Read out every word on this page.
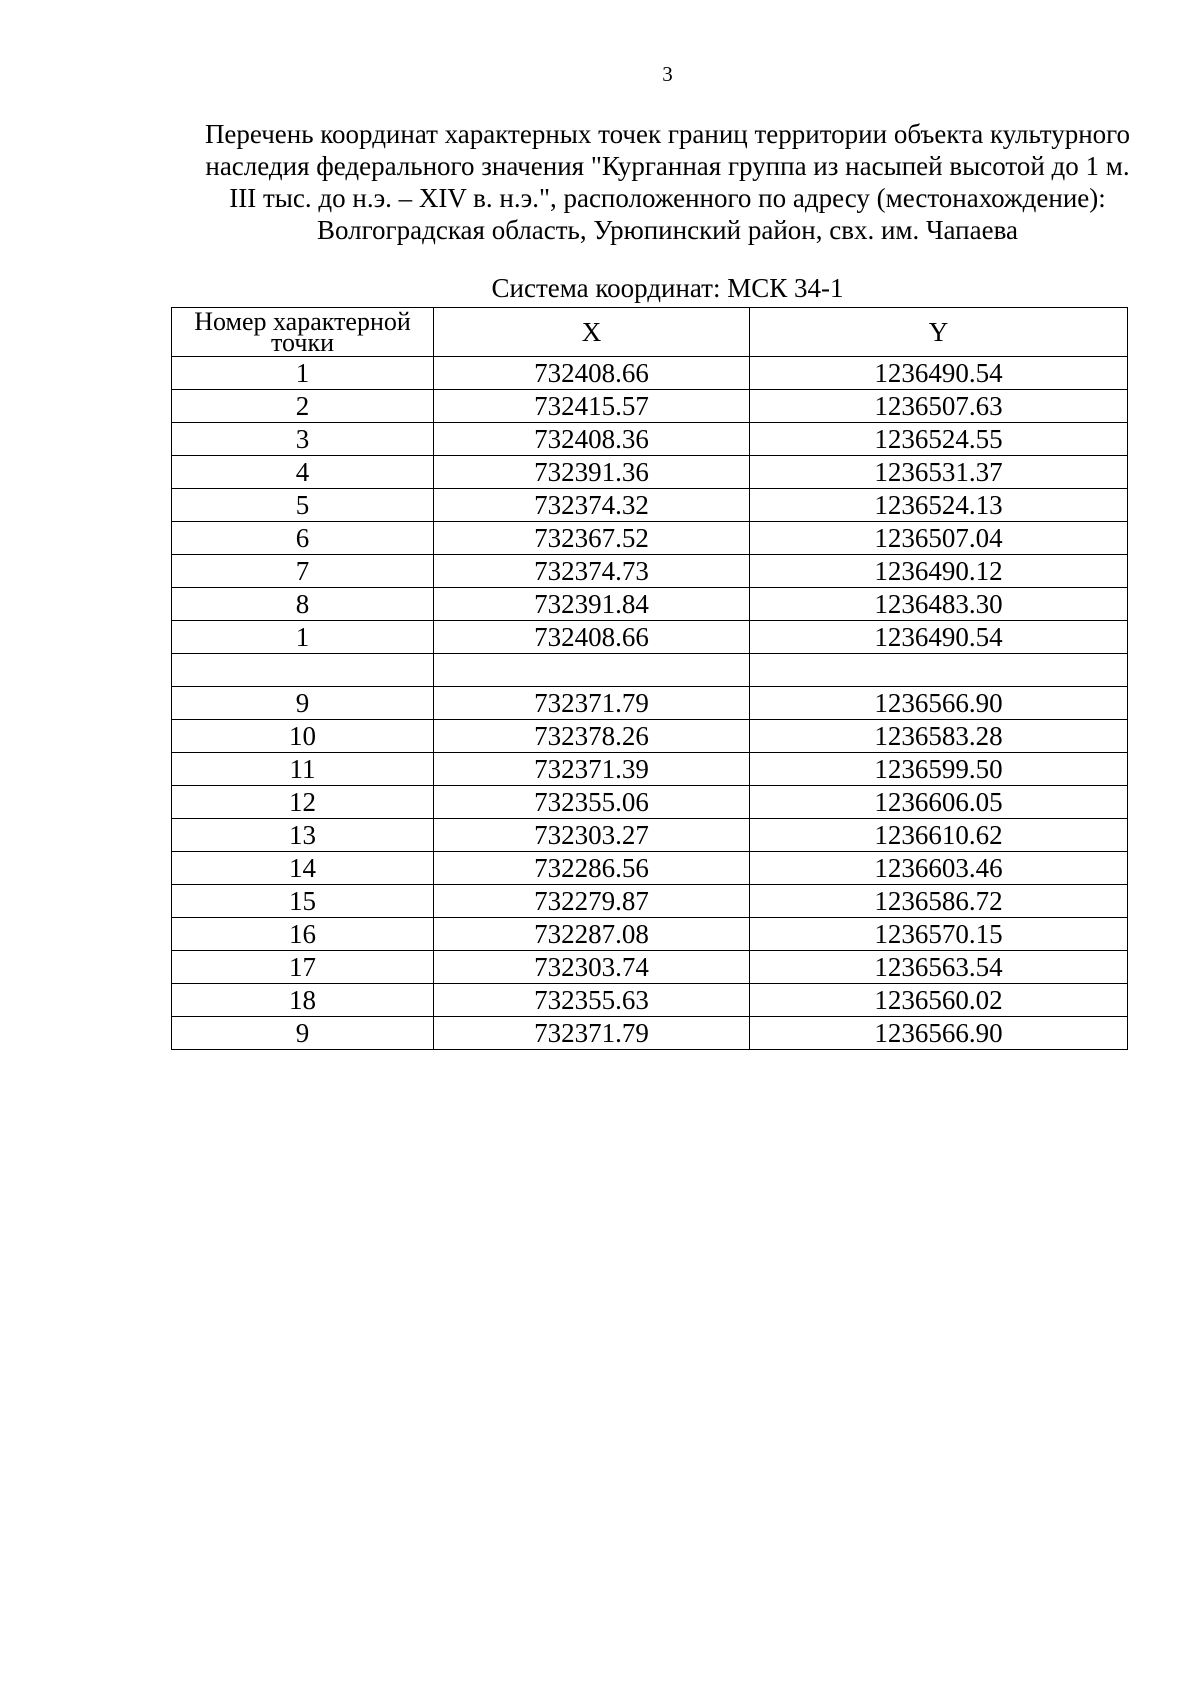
3
Перечень координат характерных точек границ территории объекта культурного
наследия федерального значения "Курганная группа из насыпей высотой до 1 м.
III тыс. до н.э. – XIV в. н.э.", расположенного по адресу (местонахождение):
Волгоградская область, Урюпинский район, свх. им. Чапаева
Система координат: МСК 34-1
Номер характерной точки	X	Y
1	732408.66	1236490.54
2	732415.57	1236507.63
3	732408.36	1236524.55
4	732391.36	1236531.37
5	732374.32	1236524.13
6	732367.52	1236507.04
7	732374.73	1236490.12
8	732391.84	1236483.30
1	732408.66	1236490.54

9	732371.79	1236566.90
10	732378.26	1236583.28
11	732371.39	1236599.50
12	732355.06	1236606.05
13	732303.27	1236610.62
14	732286.56	1236603.46
15	732279.87	1236586.72
16	732287.08	1236570.15
17	732303.74	1236563.54
18	732355.63	1236560.02
9	732371.79	1236566.90
